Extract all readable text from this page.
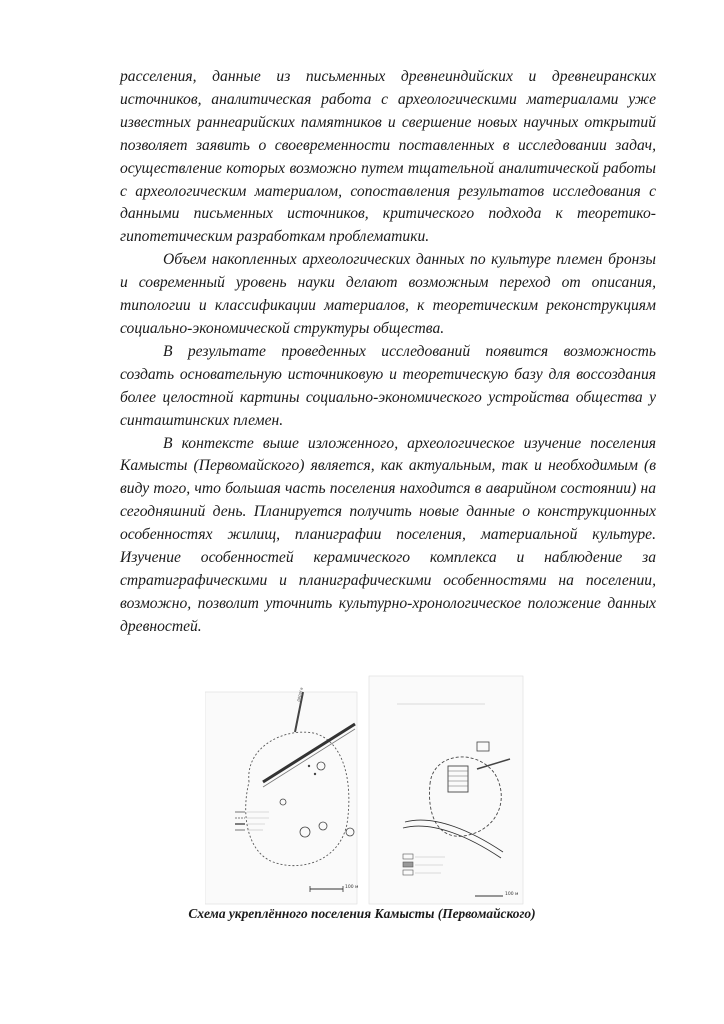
расселения, данные из письменных древнеиндийских и древнеиранских источников, аналитическая работа с археологическими материалами уже известных раннеарийских памятников и свершение новых научных открытий позволяет заявить о своевременности поставленных в исследовании задач, осуществление которых возможно путем тщательной аналитической работы с археологическим материалом, сопоставления результатов исследования с данными письменных источников, критического подхода к теоретико-гипотетическим разработкам проблематики.

Объем накопленных археологических данных по культуре племен бронзы и современный уровень науки делают возможным переход от описания, типологии и классификации материалов, к теоретическим реконструкциям социально-экономической структуры общества.

В результате проведенных исследований появится возможность создать основательную источниковую и теоретическую базу для воссоздания более целостной картины социально-экономического устройства общества у синташтинских племен.

В контексте выше изложенного, археологическое изучение поселения Камысты (Первомайского) является, как актуальным, так и необходимым (в виду того, что большая часть поселения находится в аварийном состоянии) на сегодняшний день. Планируется получить новые данные о конструкционных особенностях жилищ, планиграфии поселения, материальной культуре. Изучение особенностей керамического комплекса и наблюдение за стратиграфическими и планиграфическими особенностями на поселении, возможно, позволит уточнить культурно-хронологическое положение данных древностей.

дорога
100 м
100 м
Схема укреплённого поселения Камысты (Первомайского)
